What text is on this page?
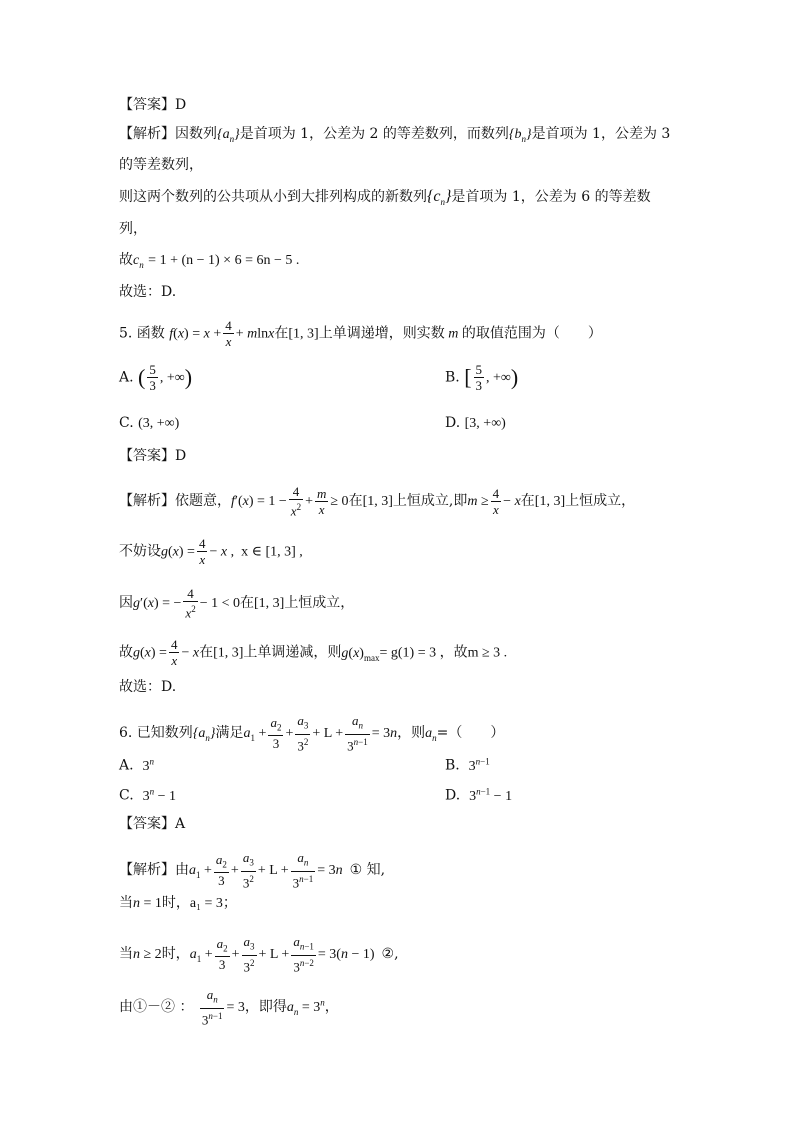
【答案】D
【解析】因数列$\{a_n\}$是首项为 1，公差为 2 的等差数列，而数列$\{b_n\}$是首项为 1，公差为 3
的等差数列，
则这两个数列的公共项从小到大排列构成的新数列$\{c_n\}$是首项为 1，公差为 6 的等差数
列，
故$c_n = 1 + (n - 1) \times 6 = 6n - 5$ .
故选：D.
5. 函数 $f(x) = x + \frac{4}{x} + mlnx$在[1, 3]上单调递增，则实数 m 的取值范围为（　　）
A. ( $\frac{5}{3}$ , +∞)	B. [ $\frac{5}{3}$ , +∞)
C. (3, +∞)	D. [3, +∞)
【答案】D
【解析】依题意，$f'(x) = 1 - \frac{4}{x^2} + \frac{m}{x} \ge 0$在[1, 3]上恒成立,即$m \ge \frac{4}{x} - x$在[1, 3]上恒成立，
不妨设$g(x) = \frac{4}{x} - x$ ,  x ∈ [1, 3] ,
因g′(x) = − $\frac{4}{x^2} - 1 < 0$在[1, 3]上恒成立，
故$g(x) = \frac{4}{x} - x$在[1, 3]上单调递减，则$g(x)_{max}= g(1) = 3$ ，故m ≥ 3 .
故选：D.
6. 已知数列$\{a_n\}$满足$a_1 + \frac{a_2}{3} + \frac{a_3}{3^2} + L + \frac{a_n}{3^{n-1}} = 3n$，则$a_n=$（　　）
A. 3$^n$	B. $3^{n-1}$
C. $3^n - 1$	D. $3^{n-1} - 1$
【答案】A
【解析】由$a_1 + \frac{a_2}{3} + \frac{a_3}{3^2} + L + \frac{a_n}{3^{n-1}} = 3n$ ① 知,
当n = 1时，a₁ = 3；
当n ≥ 2时，$a_1 + \frac{a_2}{3} + \frac{a_3}{3^2} + L + \frac{a_{n-1}}{3^{n-2}} = 3(n - 1)$  ②,
由①－② ： $\frac{a_n}{3^{n-1}} = 3$，即得$a_n = 3^n$，
